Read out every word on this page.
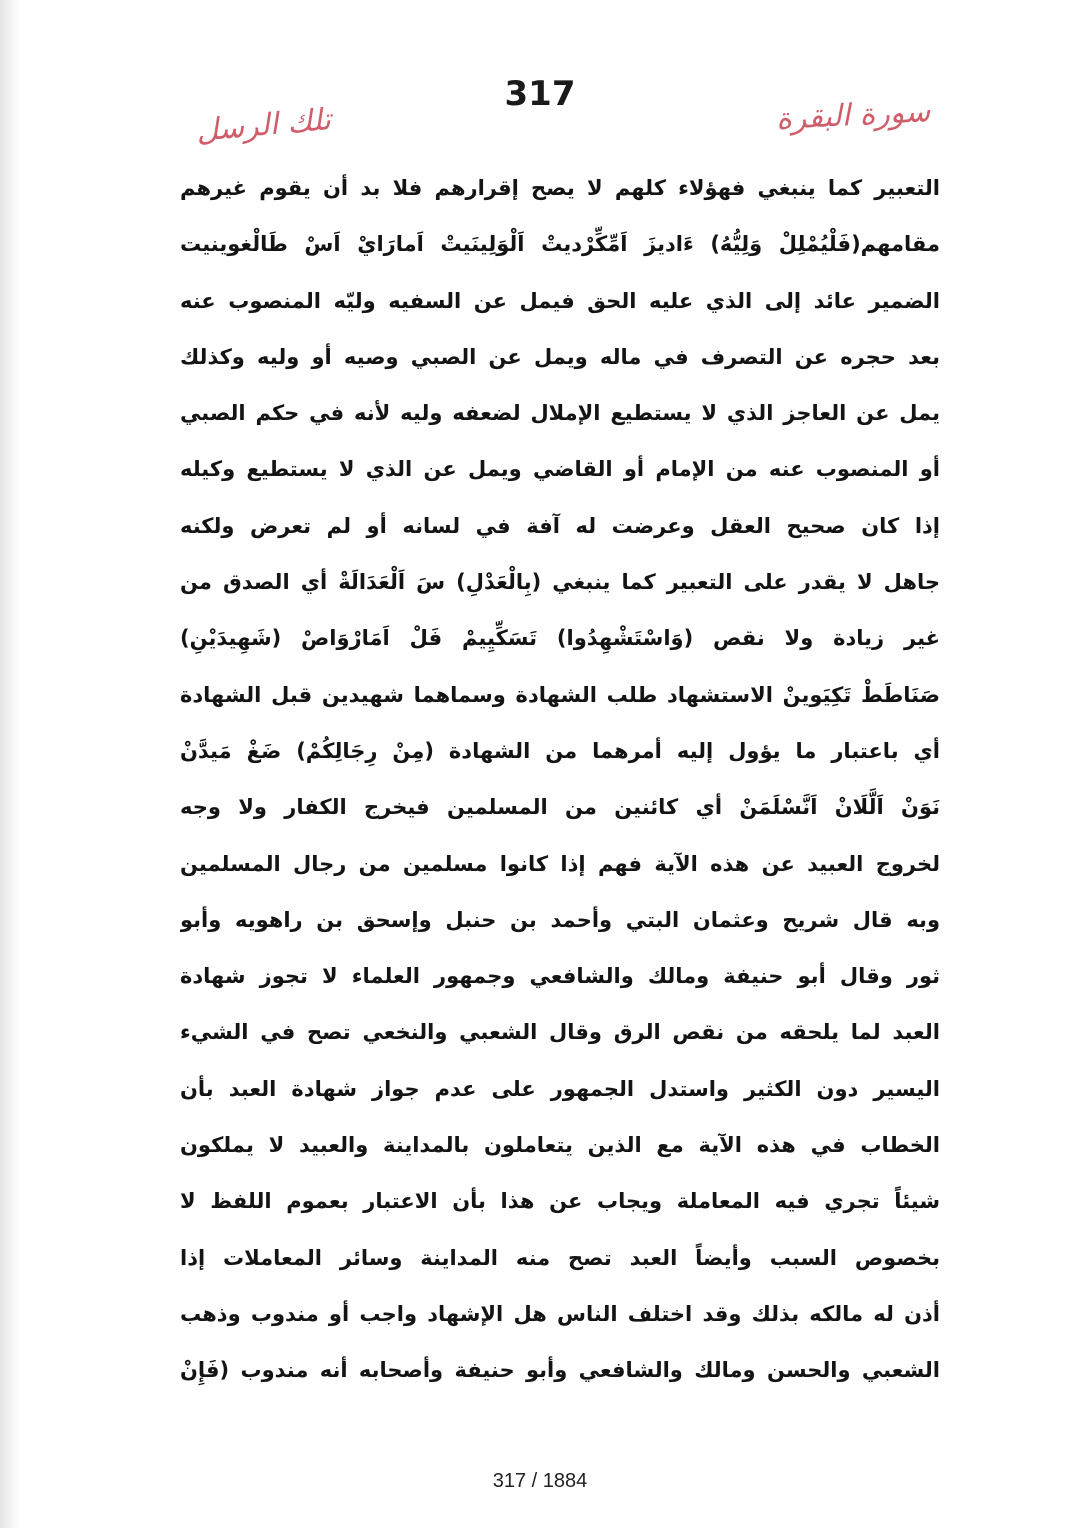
317	سورة البقرة
تلك الرسل
التعبير كما ينبغي فهؤلاء كلهم لا يصح إقرارهم فلا بد أن يقوم غيرهم
مقامهم(فَلْيُمْلِلْ وَلِيُّهُ) ءَاديزَ اَمِّكِّرْديتْ اَلْوَلِينَيتْ اَمارَايْ اَسْ طَالْغوينيت
الضمير عائد إلى الذي عليه الحق فيمل عن السفيه وليّه المنصوب عنه
بعد حجره عن التصرف في ماله ويمل عن الصبي وصيه أو وليه وكذلك
يمل عن العاجز الذي لا يستطيع الإملال لضعفه وليه لأنه في حكم الصبي
أو المنصوب عنه من الإمام أو القاضي ويمل عن الذي لا يستطيع وكيله
إذا كان صحيح العقل وعرضت له آفة في لسانه أو لم تعرض ولكنه
جاهل لا يقدر على التعبير كما ينبغي (بِالْعَدْلِ) سَ اَلْعَدَالَةْ أي الصدق من
غير زيادة ولا نقص (وَاسْتَشْهِدُوا) تَسَكِّيِيمْ فَلْ اَمَارْوَاصْ (شَهِيدَيْنِ)
صَنَاطَطْ تَكِيَوينْ الاستشهاد طلب الشهادة وسماهما شهيدين قبل الشهادة
أي باعتبار ما يؤول إليه أمرهما من الشهادة (مِنْ رِجَالِكُمْ) ضَغْ مَيدَّنْ
نَوَنْ اَلَّلَانْ اَنَّسْلَمَنْ أي كائنين من المسلمين فيخرج الكفار ولا وجه
لخروج العبيد عن هذه الآية فهم إذا كانوا مسلمين من رجال المسلمين
وبه قال شريح وعثمان البتي وأحمد بن حنبل وإسحق بن راهويه وأبو
ثور وقال أبو حنيفة ومالك والشافعي وجمهور العلماء لا تجوز شهادة
العبد لما يلحقه من نقص الرق وقال الشعبي والنخعي تصح في الشيء
اليسير دون الكثير واستدل الجمهور على عدم جواز شهادة العبد بأن
الخطاب في هذه الآية مع الذين يتعاملون بالمداينة والعبيد لا يملكون
شيئاً تجري فيه المعاملة ويجاب عن هذا بأن الاعتبار بعموم اللفظ لا
بخصوص السبب وأيضاً العبد تصح منه المداينة وسائر المعاملات إذا
أذن له مالكه بذلك وقد اختلف الناس هل الإشهاد واجب أو مندوب وذهب
الشعبي والحسن ومالك والشافعي وأبو حنيفة وأصحابه أنه مندوب (فَإِنْ
317 / 1884
